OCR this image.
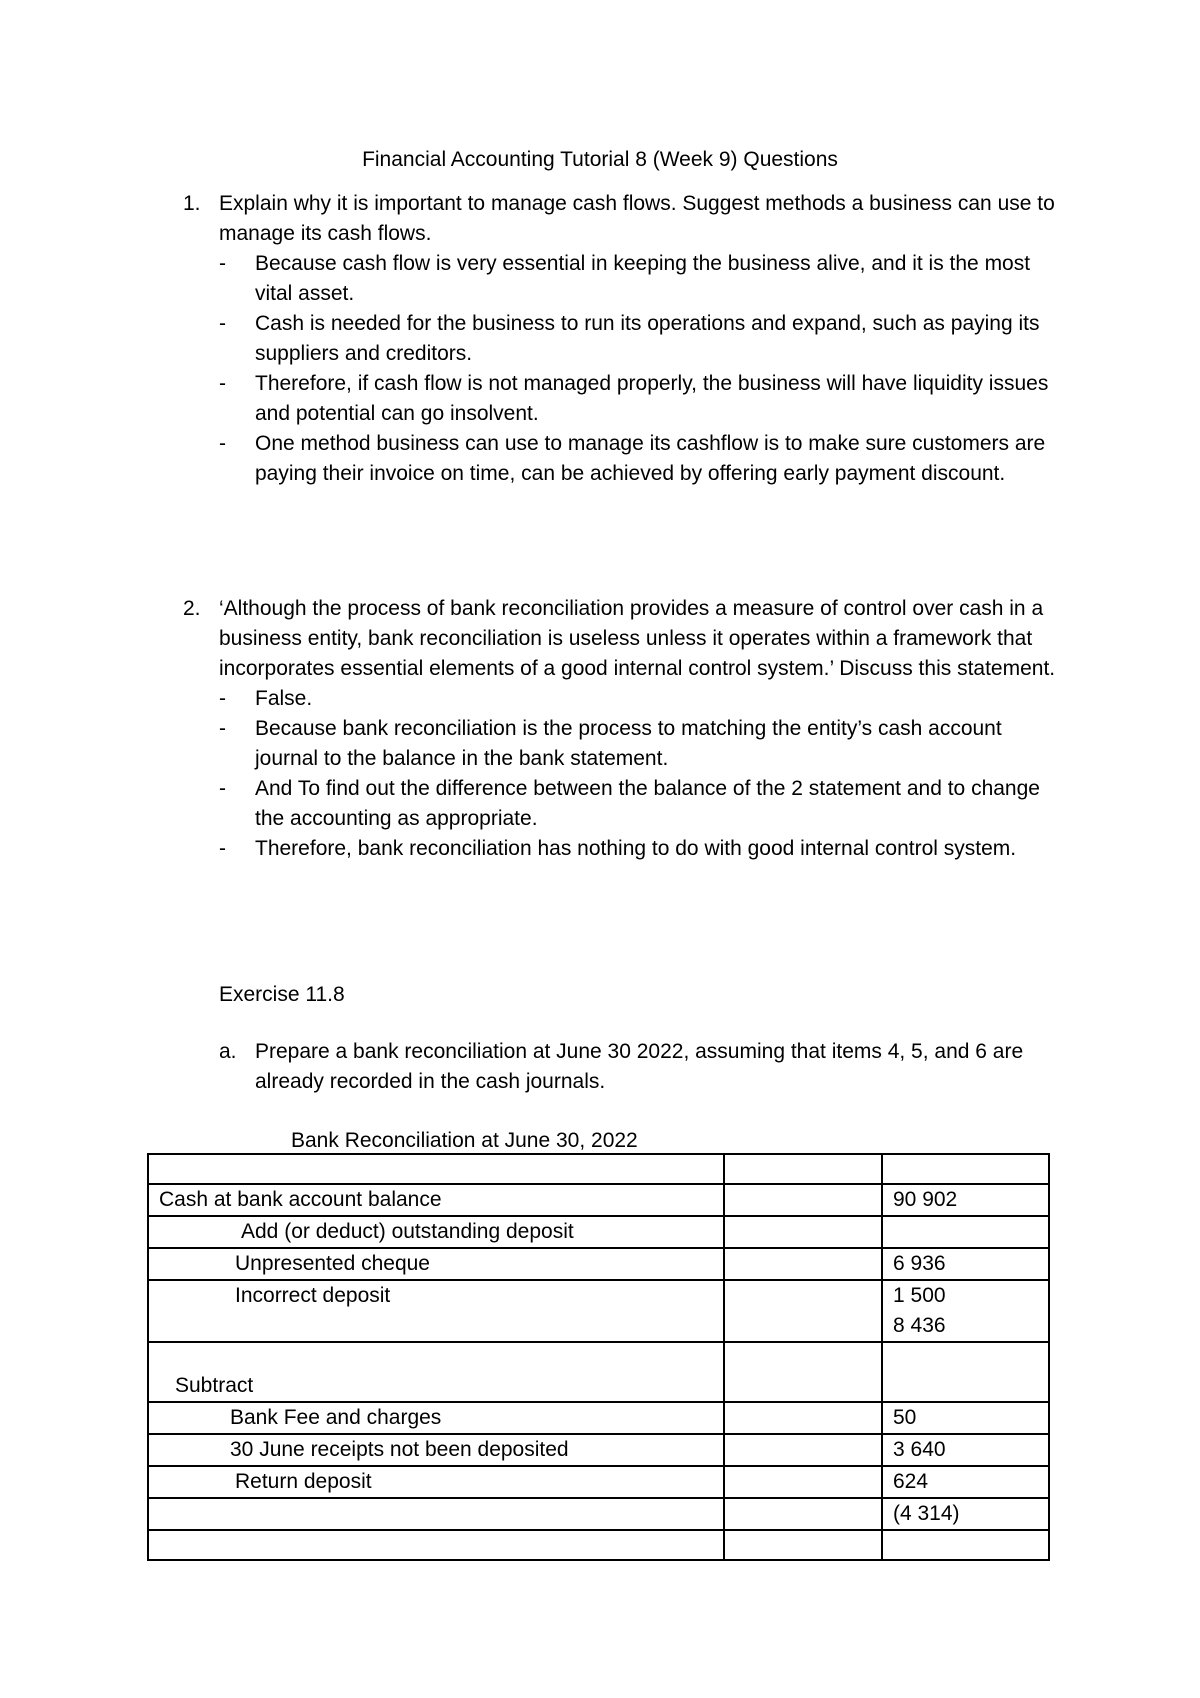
Financial Accounting Tutorial 8 (Week 9) Questions
1. Explain why it is important to manage cash flows. Suggest methods a business can use to manage its cash flows.
- Because cash flow is very essential in keeping the business alive, and it is the most vital asset.
- Cash is needed for the business to run its operations and expand, such as paying its suppliers and creditors.
- Therefore, if cash flow is not managed properly, the business will have liquidity issues and potential can go insolvent.
- One method business can use to manage its cashflow is to make sure customers are paying their invoice on time, can be achieved by offering early payment discount.
2. ‘Although the process of bank reconciliation provides a measure of control over cash in a business entity, bank reconciliation is useless unless it operates within a framework that incorporates essential elements of a good internal control system.’ Discuss this statement.
- False.
- Because bank reconciliation is the process to matching the entity’s cash account journal to the balance in the bank statement.
- And To find out the difference between the balance of the 2 statement and to change the accounting as appropriate.
- Therefore, bank reconciliation has nothing to do with good internal control system.
Exercise 11.8
a. Prepare a bank reconciliation at June 30 2022, assuming that items 4, 5, and 6 are already recorded in the cash journals.
Bank Reconciliation at June 30, 2022

Cash at bank account balance		90 902
Add (or deduct) outstanding deposit		
Unpresented cheque		6 936
Incorrect deposit		1 500
8 436

Subtract		
Bank Fee and charges		50
30 June receipts not been deposited		3 640
Return deposit		624
		(4 314)
